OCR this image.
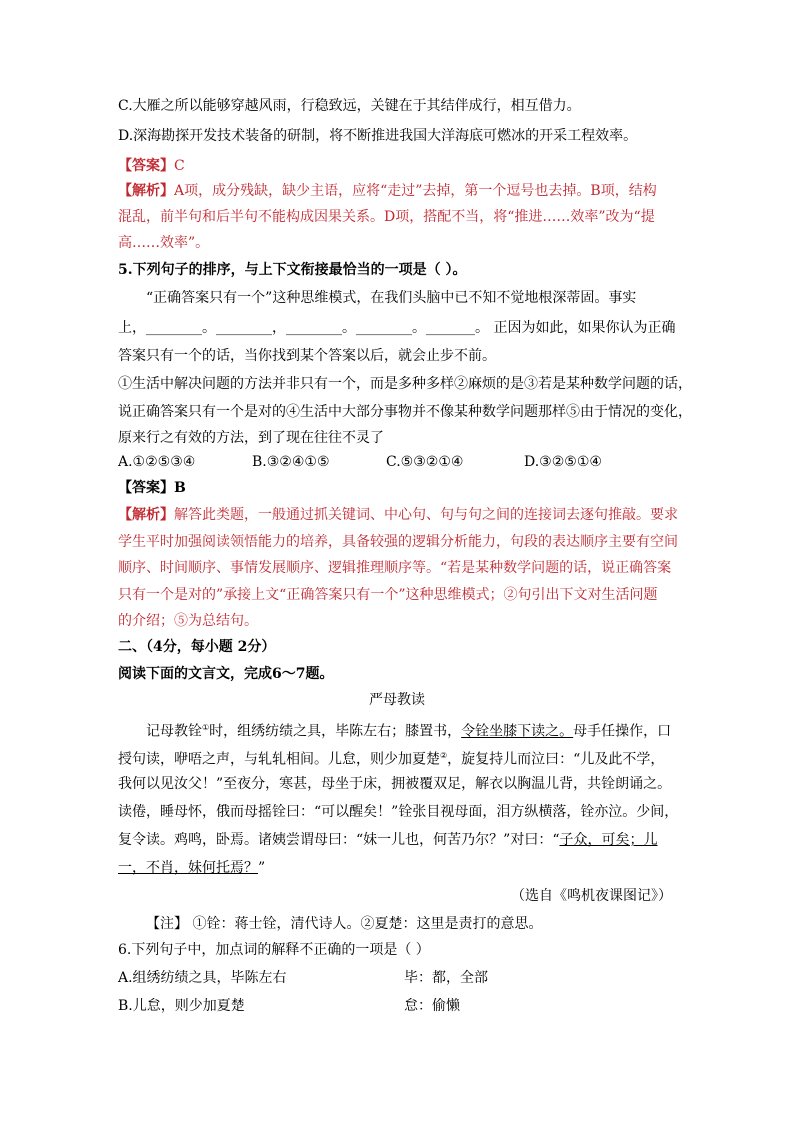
C.大雁之所以能够穿越风雨，行稳致远，关键在于其结伴成行，相互借力。
D.深海勘探开发技术装备的研制，将不断推进我国大洋海底可燃冰的开采工程效率。
【答案】C
【解析】A项，成分残缺，缺少主语，应将“走过”去掉，第一个逗号也去掉。B项，结构
混乱，前半句和后半句不能构成因果关系。D项，搭配不当，将“推进……效率”改为“提
高……效率”。
5.下列句子的排序，与上下文衔接最恰当的一项是（ ）。
“正确答案只有一个”这种思维模式，在我们头脑中已不知不觉地根深蒂固。事实
上，________。________，________。________。_______。 正因为如此，如果你认为正确
答案只有一个的话，当你找到某个答案以后，就会止步不前。
①生活中解决问题的方法并非只有一个，而是多种多样②麻烦的是③若是某种数学问题的话，
说正确答案只有一个是对的④生活中大部分事物并不像某种数学问题那样⑤由于情况的变化，
原来行之有效的方法，到了现在往往不灵了
A.①②⑤③④	B.③②④①⑤	C.⑤③②①④	D.③②⑤①④
【答案】B
【解析】解答此类题，一般通过抓关键词、中心句、句与句之间的连接词去逐句推敲。要求
学生平时加强阅读领悟能力的培养，具备较强的逻辑分析能力，句段的表达顺序主要有空间
顺序、时间顺序、事情发展顺序、逻辑推理顺序等。“若是某种数学问题的话，说正确答案
只有一个是对的”承接上文“正确答案只有一个”这种思维模式；②句引出下文对生活问题
的介绍；⑤为总结句。
二、（4分，每小题 2分）
阅读下面的文言文，完成6～7题。
严母教读
记母教铨①时，组绣纺绩之具，毕陈左右；膝置书，令铨坐膝下读之。母手任操作，口
授句读，咿唔之声，与轧轧相间。儿怠，则少加夏楚②，旋复持儿而泣曰：“儿及此不学，
我何以见汝父！”至夜分，寒甚，母坐于床，拥被覆双足，解衣以胸温儿背，共铨朗诵之。
读倦，睡母怀，俄而母摇铨曰：“可以醒矣！”铨张目视母面，泪方纵横落，铨亦泣。少间，
复令读。鸡鸣，卧焉。诸姨尝谓母曰：“妹一儿也，何苦乃尔？”对曰：“子众，可矣；儿
一，不肖，妹何托焉？”
（选自《鸣机夜课图记》）
【注】 ①铨：蒋士铨，清代诗人。②夏楚：这里是责打的意思。
6.下列句子中，加点词的解释不正确的一项是（ ）
A.组绣纺绩之具，毕陈左右	毕：都，全部
B.儿怠，则少加夏楚	怠：偷懒
